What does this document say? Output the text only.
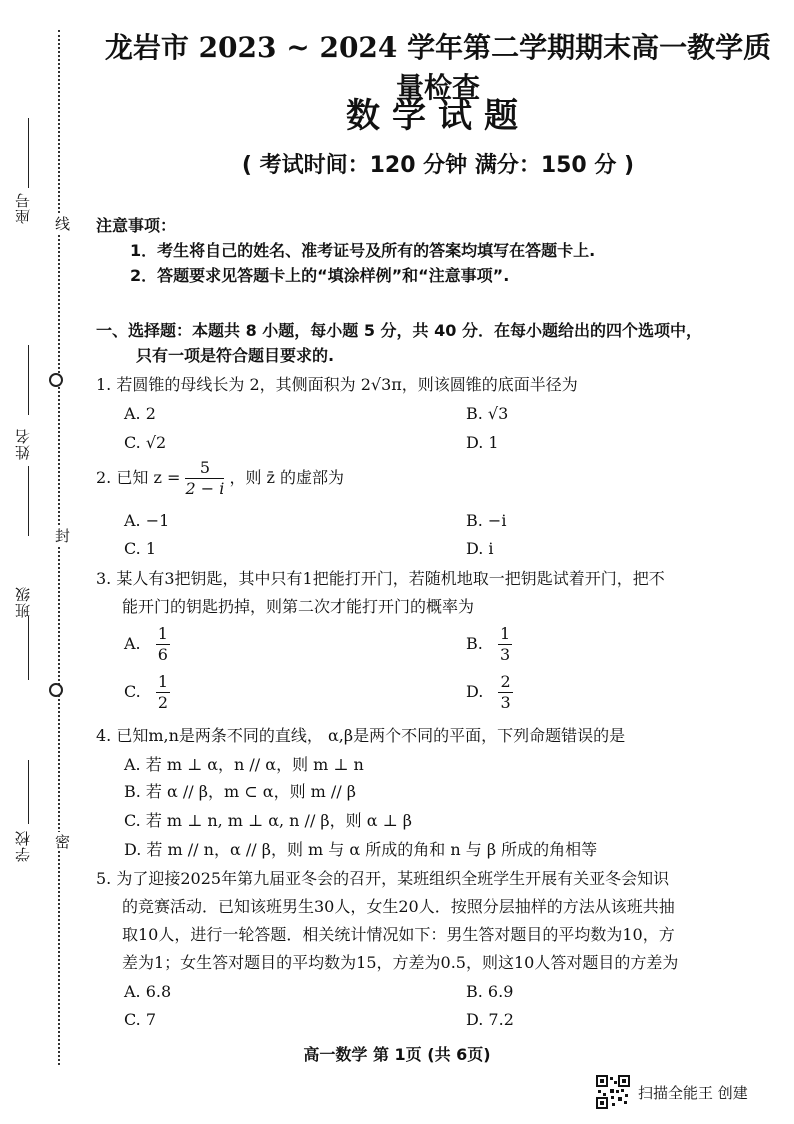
座号	线
姓名
封
班级
学校	密
龙岩市 2023 ~ 2024 学年第二学期期末高一教学质量检查
数学试题
( 考试时间：120 分钟 满分：150 分 )
注意事项：
1．考生将自己的姓名、准考证号及所有的答案均填写在答题卡上.
2．答题要求见答题卡上的“填涂样例”和“注意事项”.
一、选择题：本题共 8 小题，每小题 5 分，共 40 分．在每小题给出的四个选项中，
只有一项是符合题目要求的.
1. 若圆锥的母线长为 2，其侧面积为 2√3π，则该圆锥的底面半径为
A. 2	B. √3
C. √2	D. 1
2. 已知 $z = \frac{5}{2 - i}$ ，则 z̄ 的虚部为
A. −1	B. −i
C. 1	D. i
3. 某人有3把钥匙，其中只有1把能打开门，若随机地取一把钥匙试着开门，把不
能开门的钥匙扔掉，则第二次才能打开门的概率为
A. $\frac{1}{6}$	B. $\frac{1}{3}$
C. $\frac{1}{2}$	D. $\frac{2}{3}$
4. 已知m,n是两条不同的直线， α,β是两个不同的平面，下列命题错误的是
A. 若 m ⊥ α，n // α，则 m ⊥ n
B. 若 α // β，m ⊂ α，则 m // β
C. 若 m ⊥ n, m ⊥ α, n // β，则 α ⊥ β
D. 若 m // n，α // β，则 m 与 α 所成的角和 n 与 β 所成的角相等
5. 为了迎接2025年第九届亚冬会的召开，某班组织全班学生开展有关亚冬会知识
的竞赛活动．已知该班男生30人，女生20人．按照分层抽样的方法从该班共抽
取10人，进行一轮答题．相关统计情况如下：男生答对题目的平均数为10，方
差为1；女生答对题目的平均数为15，方差为0.5，则这10人答对题目的方差为
A. 6.8	B. 6.9
C. 7	D. 7.2
高一数学 第 1页 (共 6页)
扫描全能王 创建
